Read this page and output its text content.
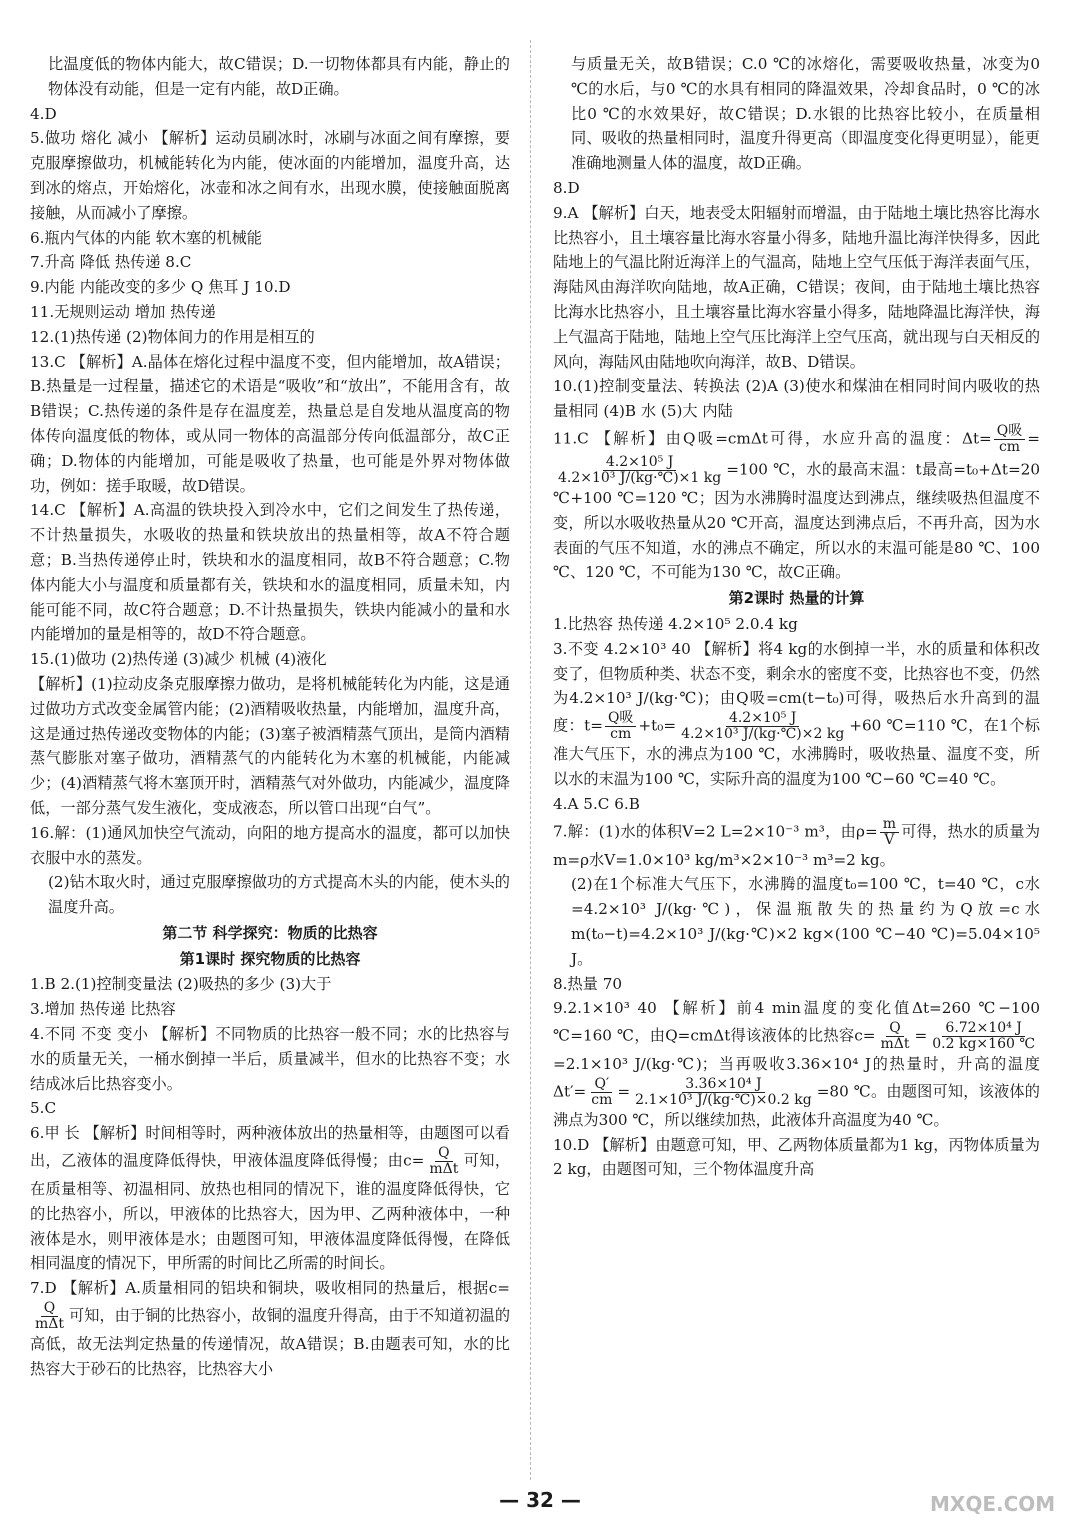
比温度低的物体内能大，故C错误；D.一切物体都具有内能，静止的物体没有动能，但是一定有内能，故D正确。

4.D

5.做功 熔化 减小 【解析】运动员刷冰时，冰刷与冰面之间有摩擦，要克服摩擦做功，机械能转化为内能，使冰面的内能增加，温度升高，达到冰的熔点，开始熔化，冰壶和冰之间有水，出现水膜，使接触面脱离接触，从而减小了摩擦。

6.瓶内气体的内能 软木塞的机械能

7.升高 降低 热传递 8.C

9.内能 内能改变的多少 Q 焦耳 J 10.D

11.无规则运动 增加 热传递

12.(1)热传递 (2)物体间力的作用是相互的

13.C 【解析】A.晶体在熔化过程中温度不变，但内能增加，故A错误；B.热量是一过程量，描述它的术语是“吸收”和“放出”，不能用含有，故B错误；C.热传递的条件是存在温度差，热量总是自发地从温度高的物体传向温度低的物体，或从同一物体的高温部分传向低温部分，故C正确；D.物体的内能增加，可能是吸收了热量，也可能是外界对物体做功，例如：搓手取暖，故D错误。

14.C 【解析】A.高温的铁块投入到冷水中，它们之间发生了热传递，不计热量损失，水吸收的热量和铁块放出的热量相等，故A不符合题意；B.当热传递停止时，铁块和水的温度相同，故B不符合题意；C.物体内能大小与温度和质量都有关，铁块和水的温度相同，质量未知，内能可能不同，故C符合题意；D.不计热量损失，铁块内能减小的量和水内能增加的量是相等的，故D不符合题意。

15.(1)做功 (2)热传递 (3)减少 机械 (4)液化

【解析】(1)拉动皮条克服摩擦力做功，是将机械能转化为内能，这是通过做功方式改变金属管内能；(2)酒精吸收热量，内能增加，温度升高，这是通过热传递改变物体的内能；(3)塞子被酒精蒸气顶出，是筒内酒精蒸气膨胀对塞子做功，酒精蒸气的内能转化为木塞的机械能，内能减少；(4)酒精蒸气将木塞顶开时，酒精蒸气对外做功，内能减少，温度降低，一部分蒸气发生液化，变成液态，所以管口出现“白气”。

16.解：(1)通风加快空气流动，向阳的地方提高水的温度，都可以加快衣服中水的蒸发。

(2)钻木取火时，通过克服摩擦做功的方式提高木头的内能，使木头的温度升高。

第二节 科学探究：物质的比热容
第1课时 探究物质的比热容

1.B 2.(1)控制变量法 (2)吸热的多少 (3)大于

3.增加 热传递 比热容

4.不同 不变 变小 【解析】不同物质的比热容一般不同；水的比热容与水的质量无关，一桶水倒掉一半后，质量减半，但水的比热容不变；水结成冰后比热容变小。

5.C

6.甲 长 【解析】时间相等时，两种液体放出的热量相等，由题图可以看出，乙液体的温度降低得快，甲液体温度降低得慢；由$c= \frac{Q}{\text{mΔt}}$ 可知，在质量相等、初温相同、放热也相同的情况下，谁的温度降低得快，它的比热容小，所以，甲液体的比热容大，因为甲、乙两种液体中，一种液体是水，则甲液体是水；由题图可知，甲液体温度降低得慢，在降低相同温度的情况下，甲所需的时间比乙所需的时间长。

7.D 【解析】A.质量相同的铝块和铜块，吸收相同的热量后，根据c=
$\frac{Q}{\text{mΔt}}$ 可知，由于铜的比热容小，故铜的温度升得高，由于不知道初温的高低，故无法判定热量的传递情况，故A错误；B.由题表可知，水的比热容大于砂石的比热容，比热容大小

与质量无关，故B错误；C.0 ℃的冰熔化，需要吸收热量，冰变为0 ℃的水后，与0 ℃的水具有相同的降温效果，冷却食品时，0 ℃的冰比0 ℃的水效果好，故C错误；D.水银的比热容比较小，在质量相同、吸收的热量相同时，温度升得更高（即温度变化得更明显），能更准确地测量人体的温度，故D正确。

8.D

9.A 【解析】白天，地表受太阳辐射而增温，由于陆地土壤比热容比海水比热容小，且土壤容量比海水容量小得多，陆地升温比海洋快得多，因此陆地上的气温比附近海洋上的气温高，陆地上空气压低于海洋表面气压，海陆风由海洋吹向陆地，故A正确，C错误；夜间，由于陆地土壤比热容比海水比热容小，且土壤容量比海水容量小得多，陆地降温比海洋快，海上气温高于陆地，陆地上空气压比海洋上空气压高，就出现与白天相反的风向，海陆风由陆地吹向海洋，故B、D错误。

10.(1)控制变量法、转换法 (2)A (3)使水和煤油在相同时间内吸收的热量相同 (4)B 水 (5)大 内陆

11.C 【解析】由Q吸=cmΔt可得，水应升高的温度：$\Delta t= \frac{\text{Q吸}}{cm}$ =
$\frac{\text{4.2×10⁵ J}}{\text{4.2×10³ J/(kg·℃)×1 kg}} =100$ ℃，水的最高末温：t最高=t₀+Δt=20 ℃+100 ℃=120 ℃；因为水沸腾时温度达到沸点，继续吸热但温度不变，所以水吸收热量从20 ℃开高，温度达到沸点后，不再升高，因为水表面的气压不知道，水的沸点不确定，所以水的末温可能是80 ℃、100 ℃、120 ℃，不可能为130 ℃，故C正确。

第2课时 热量的计算

1.比热容 热传递 4.2×10⁵ 2.0.4 kg

3.不变 4.2×10³ 40 【解析】将4 kg的水倒掉一半，水的质量和体积改变了，但物质种类、状态不变，剩余水的密度不变，比热容也不变，仍然为4.2×10³ J/(kg·℃)；由Q吸=cm(t−t₀)可得，吸热后水升高到的温度：$t= \frac{\text{Q吸}}{cm} +t_0= \frac{\text{4.2×10⁵ J}}{\text{4.2×10³ J/(kg·℃)×2 kg}} +60$ ℃=110 ℃，在1个标准大气压下，水的沸点为100 ℃，水沸腾时，吸收热量、温度不变，所以水的末温为100 ℃，实际升高的温度为100 ℃−60 ℃=40 ℃。

4.A 5.C 6.B

7.解：(1)水的体积V=2 L=2×10⁻³ m³，由$\rho= \frac{m}{V}$ 可得，热水的质量为m=ρ水V=1.0×10³ kg/m³×2×10⁻³ m³=2 kg。

(2)在1个标准大气压下，水沸腾的温度t₀=100 ℃，t=40 ℃，c水=4.2×10³ J/(kg·℃)，保温瓶散失的热量约为Q放=c水m(t₀−t)=4.2×10³ J/(kg·℃)×2 kg×(100 ℃−40 ℃)=5.04×10⁵ J。

8.热量 70

9.2.1×10³ 40 【解析】前4 min温度的变化值Δt=260 ℃−100 ℃=160 ℃，由Q=cmΔt得该液体的比热容$c= \frac{Q}{\text{mΔt}} = \frac{\text{6.72×10⁴ J}}{0.2 kg\times 160 ℃}$
=2.1×10³ J/(kg·℃)；当再吸收3.36×10⁴ J的热量时，升高的温度$\Delta t'= \frac{Q'}{cm} = \frac{\text{3.36×10⁴ J}}{\text{2.1×10³ J/(kg·℃)×0.2 kg}} =80$ ℃。由题图可知，该液体的沸点为300 ℃，所以继续加热，此液体升高温度为40 ℃。

10.D 【解析】由题意可知，甲、乙两物体质量都为1 kg，丙物体质量为2 kg，由题图可知，三个物体温度升高

— 32 —	MXQE.COM
